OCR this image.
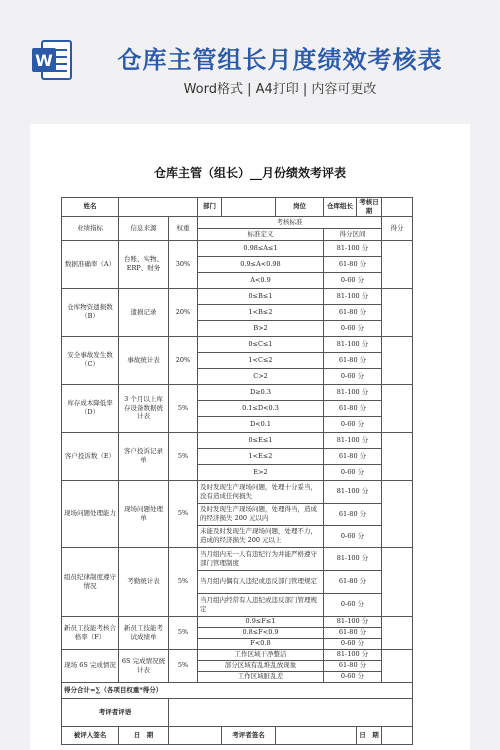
W	仓库主管组长月度绩效考核表
Word格式 | A4打印 | 内容可更改
仓库主管（组长）__月份绩效考评表
姓名			部门		岗位	仓库组长	考核日期	
业绩指标	信息来源	权重	考核标准					得分
			标准定义			得分区间		
数据准确率（A）	台账、实物、ERP、财务	30%	0.98≤A≤1			81-100 分		
			0.9≤A<0.98			61-80 分		
			A<0.9			0-60 分		
仓库物资遗损数（B）	遗损记录	20%	0≤B≤1			81-100 分		
			1<B≤2			61-80 分		
			B>2			0-60 分		
安全事故发生数（C）	事故统计表	20%	0≤C≤1			81-100 分		
			1<C≤2			61-80 分		
			C>2			0-60 分		
库存成本降低率（D）	3 个月以上库存设备数据统计表	5%	D≥0.3			81-100 分		
			0.1≤D<0.3			61-80 分		
			D<0.1			0-60 分		
客户投诉数（E）	客户投诉记录单	5%	0≤E≤1			81-100 分		
			1<E≤2			61-80 分		
			E>2			0-60 分		
现场问题处理能力	现场问题处理单	5%	及时发现生产现场问题，处理十分妥当，没有造成任何损失			81-100 分		
			及时发现生产现场问题，处理得当，造成的经济损失 200 元以内			61-80 分		
			未能及时发现生产现场问题，处理不力，造成的经济损失 200 元以上			0-60 分		
组员纪律制度遵守情况	考勤统计表	5%	当月组内无一人有违纪行为并能严格遵守部门管理制度			81-100 分		
			当月组内偶有人违纪或违反部门管理规定			61-80 分		
			当月组内经常有人违纪或违反部门管理规定			0-60 分		
新员工技能考核合格率（F）	新员工技能考试成绩单	5%	0.9≤F≤1			81-100 分		
			0.8≤F<0.9			61-80 分		
			F<0.8			0-60 分		
现场 6S 完成情况	6S 完成情况统计表	5%	工作区域干净整洁			81-100 分		
			部分区域有乱堆乱放现象			61-80 分		
			工作区域脏乱差			0-60 分		
得分合计=∑（各项目权重*得分）								
考评者评语								
被评人签名	日　期			考评者签名			日　期	
